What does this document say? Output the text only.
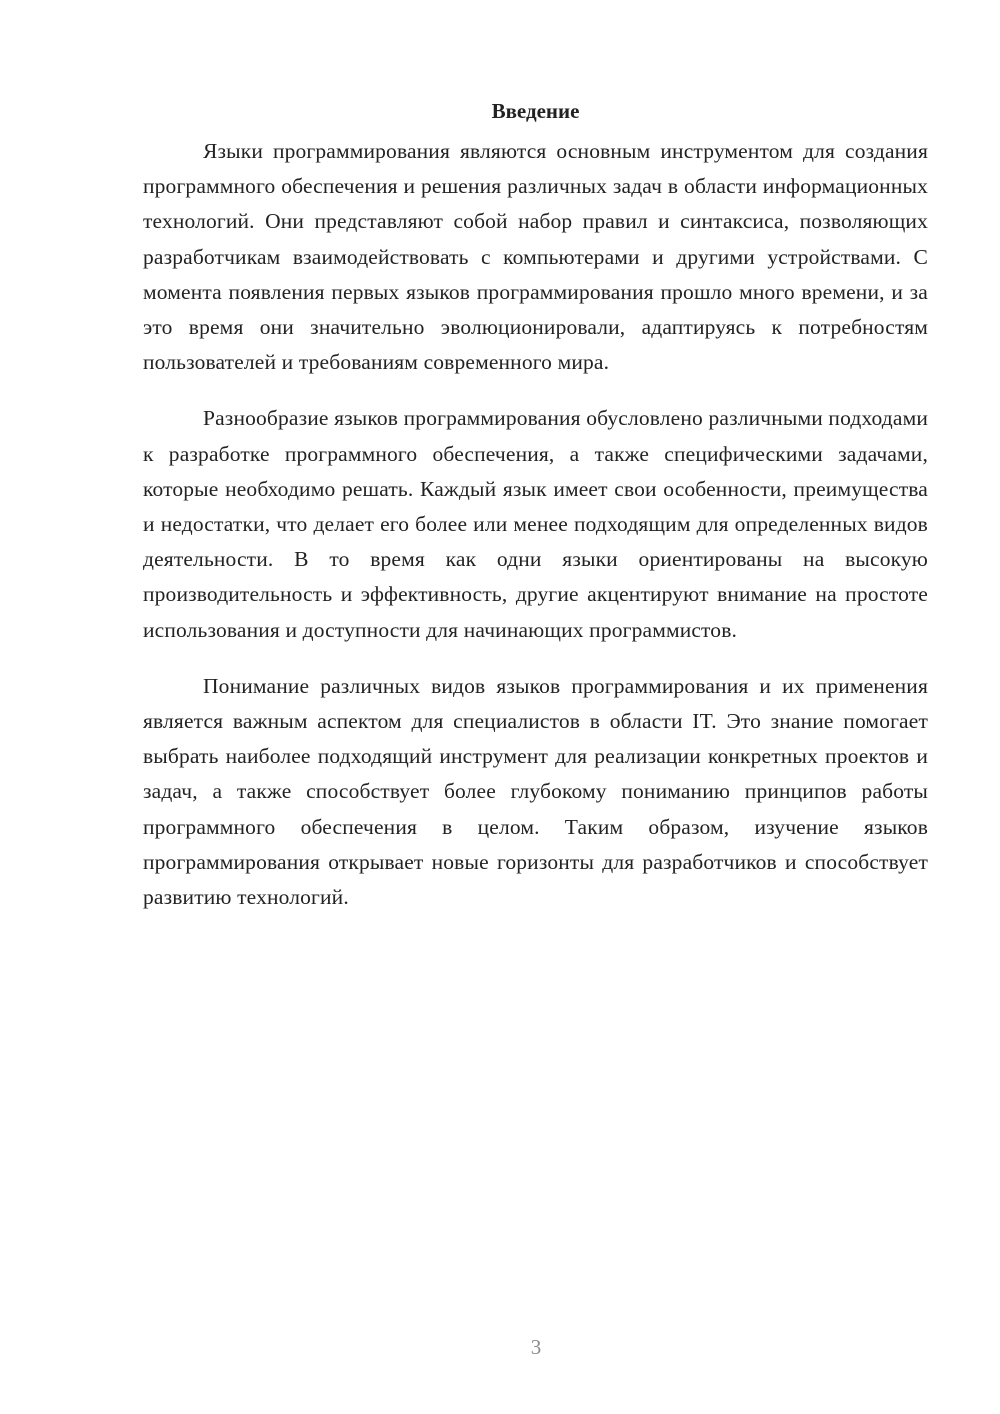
Введение

Языки программирования являются основным инструментом для создания программного обеспечения и решения различных задач в области информационных технологий. Они представляют собой набор правил и синтаксиса, позволяющих разработчикам взаимодействовать с компьютерами и другими устройствами. С момента появления первых языков программирования прошло много времени, и за это время они значительно эволюционировали, адаптируясь к потребностям пользователей и требованиям современного мира.

Разнообразие языков программирования обусловлено различными подходами к разработке программного обеспечения, а также специфическими задачами, которые необходимо решать. Каждый язык имеет свои особенности, преимущества и недостатки, что делает его более или менее подходящим для определенных видов деятельности. В то время как одни языки ориентированы на высокую производительность и эффективность, другие акцентируют внимание на простоте использования и доступности для начинающих программистов.

Понимание различных видов языков программирования и их применения является важным аспектом для специалистов в области IT. Это знание помогает выбрать наиболее подходящий инструмент для реализации конкретных проектов и задач, а также способствует более глубокому пониманию принципов работы программного обеспечения в целом. Таким образом, изучение языков программирования открывает новые горизонты для разработчиков и способствует развитию технологий.

3
